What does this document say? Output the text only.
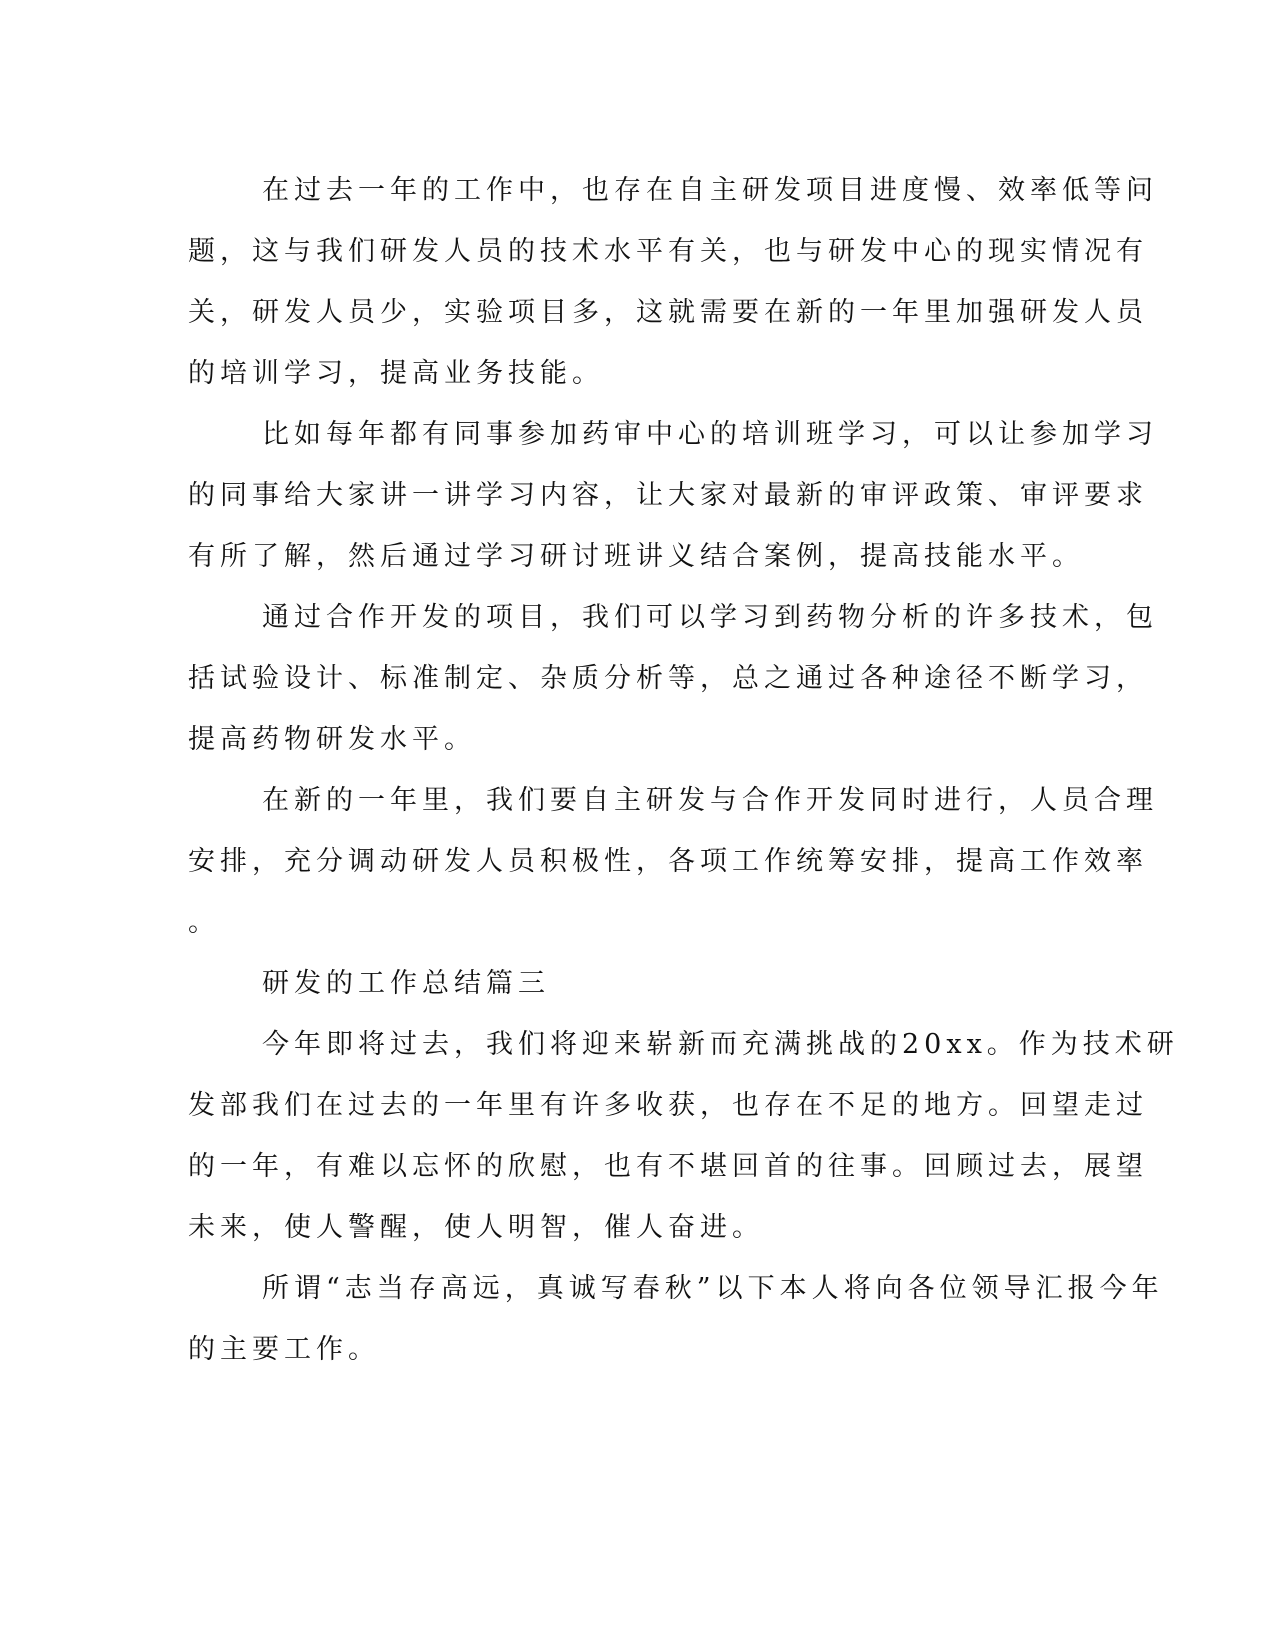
在过去一年的工作中，也存在自主研发项目进度慢、效率低等问
题，这与我们研发人员的技术水平有关，也与研发中心的现实情况有
关，研发人员少，实验项目多，这就需要在新的一年里加强研发人员
的培训学习，提高业务技能。
比如每年都有同事参加药审中心的培训班学习，可以让参加学习
的同事给大家讲一讲学习内容，让大家对最新的审评政策、审评要求
有所了解，然后通过学习研讨班讲义结合案例，提高技能水平。
通过合作开发的项目，我们可以学习到药物分析的许多技术，包
括试验设计、标准制定、杂质分析等，总之通过各种途径不断学习，
提高药物研发水平。
在新的一年里，我们要自主研发与合作开发同时进行，人员合理
安排，充分调动研发人员积极性，各项工作统筹安排，提高工作效率
。
研发的工作总结篇三
今年即将过去，我们将迎来崭新而充满挑战的20xx。作为技术研
发部我们在过去的一年里有许多收获，也存在不足的地方。回望走过
的一年，有难以忘怀的欣慰，也有不堪回首的往事。回顾过去，展望
未来，使人警醒，使人明智，催人奋进。
所谓“志当存高远，真诚写春秋”以下本人将向各位领导汇报今年
的主要工作。
